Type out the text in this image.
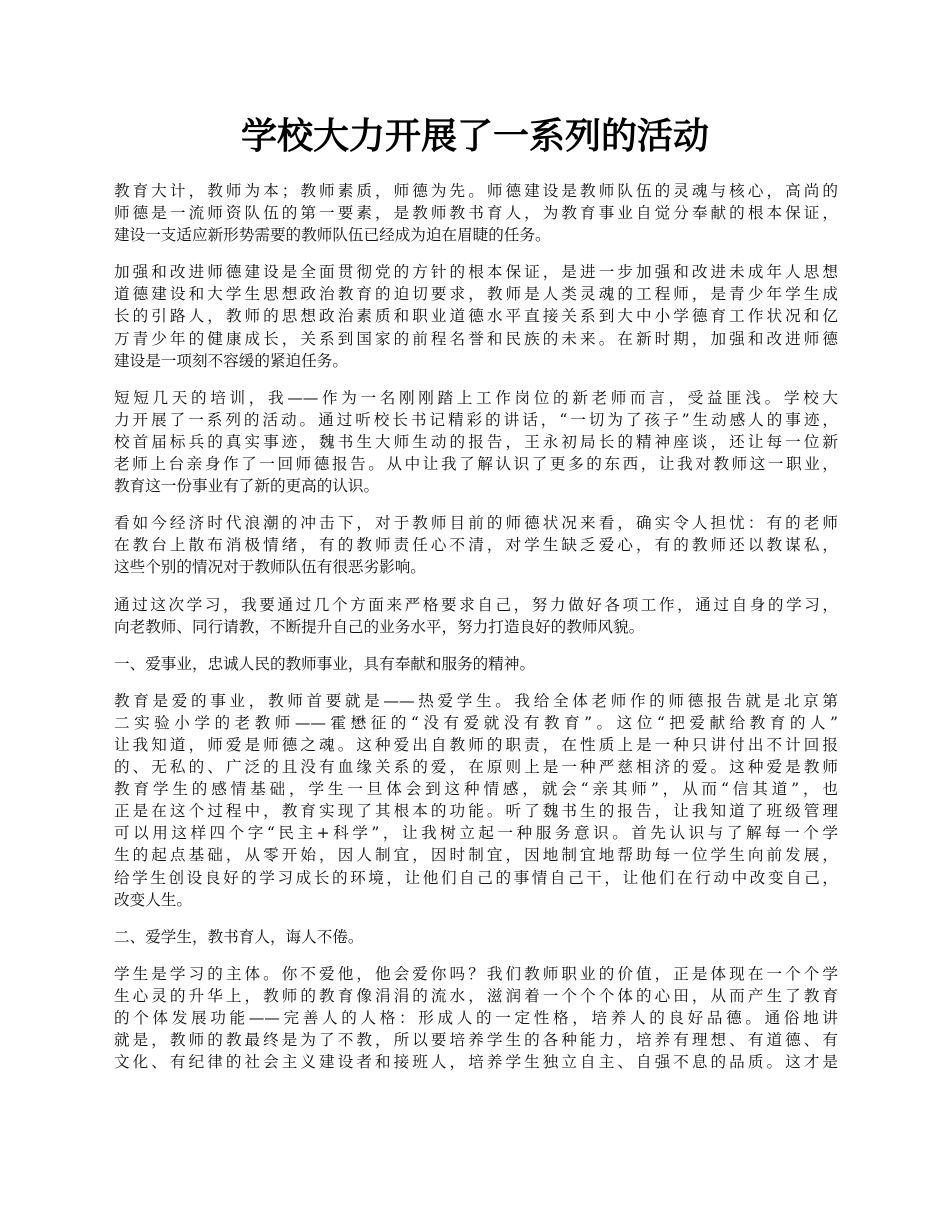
学校大力开展了一系列的活动

教育大计，教师为本；教师素质，师德为先。师德建设是教师队伍的灵魂与核心，高尚的
师德是一流师资队伍的第一要素，是教师教书育人，为教育事业自觉分奉献的根本保证，
建设一支适应新形势需要的教师队伍已经成为迫在眉睫的任务。

加强和改进师德建设是全面贯彻党的方针的根本保证，是进一步加强和改进未成年人思想
道德建设和大学生思想政治教育的迫切要求，教师是人类灵魂的工程师，是青少年学生成
长的引路人，教师的思想政治素质和职业道德水平直接关系到大中小学德育工作状况和亿
万青少年的健康成长，关系到国家的前程名誉和民族的未来。在新时期，加强和改进师德
建设是一项刻不容缓的紧迫任务。

短短几天的培训，我——作为一名刚刚踏上工作岗位的新老师而言，受益匪浅。学校大
力开展了一系列的活动。通过听校长书记精彩的讲话，“一切为了孩子”生动感人的事迹，
校首届标兵的真实事迹，魏书生大师生动的报告，王永初局长的精神座谈，还让每一位新
老师上台亲身作了一回师德报告。从中让我了解认识了更多的东西，让我对教师这一职业，
教育这一份事业有了新的更高的认识。

看如今经济时代浪潮的冲击下，对于教师目前的师德状况来看，确实令人担忧：有的老师
在教台上散布消极情绪，有的教师责任心不清，对学生缺乏爱心，有的教师还以教谋私，
这些个别的情况对于教师队伍有很恶劣影响。

通过这次学习，我要通过几个方面来严格要求自己，努力做好各项工作，通过自身的学习，
向老教师、同行请教，不断提升自己的业务水平，努力打造良好的教师风貌。

一、爱事业，忠诚人民的教师事业，具有奉献和服务的精神。

教育是爱的事业，教师首要就是——热爱学生。我给全体老师作的师德报告就是北京第
二实验小学的老教师——霍懋征的“没有爱就没有教育”。这位“把爱献给教育的人”
让我知道，师爱是师德之魂。这种爱出自教师的职责，在性质上是一种只讲付出不计回报
的、无私的、广泛的且没有血缘关系的爱，在原则上是一种严慈相济的爱。这种爱是教师
教育学生的感情基础，学生一旦体会到这种情感，就会“亲其师”，从而“信其道”，也
正是在这个过程中，教育实现了其根本的功能。听了魏书生的报告，让我知道了班级管理
可以用这样四个字“民主+科学”，让我树立起一种服务意识。首先认识与了解每一个学
生的起点基础，从零开始，因人制宜，因时制宜，因地制宜地帮助每一位学生向前发展，
给学生创设良好的学习成长的环境，让他们自己的事情自己干，让他们在行动中改变自己，
改变人生。

二、爱学生，教书育人，诲人不倦。

学生是学习的主体。你不爱他，他会爱你吗？我们教师职业的价值，正是体现在一个个学
生心灵的升华上，教师的教育像涓涓的流水，滋润着一个个个体的心田，从而产生了教育
的个体发展功能——完善人的人格：形成人的一定性格，培养人的良好品德。通俗地讲
就是，教师的教最终是为了不教，所以要培养学生的各种能力，培养有理想、有道德、有
文化、有纪律的社会主义建设者和接班人，培养学生独立自主、自强不息的品质。这才是
